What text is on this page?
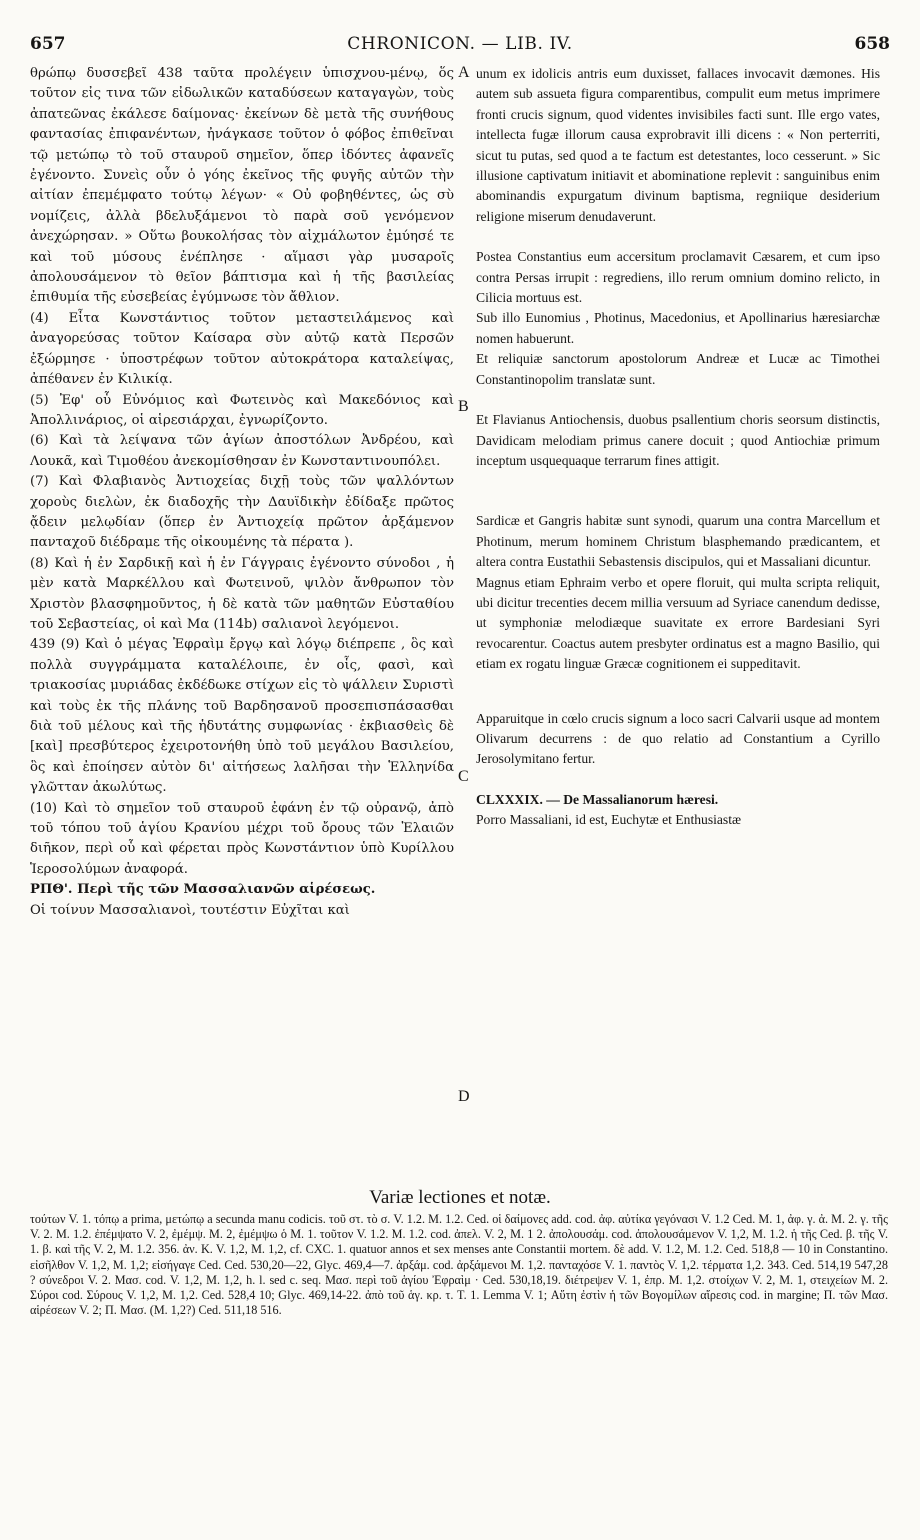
657	CHRONICON. — LIB. IV.	658
θρώπῳ δυσσεβεῖ 438 ταῦτα προλέγειν ὑπισχνου-μένῳ, ὅς τοῦτον εἰς τινα τῶν εἰδωλικῶν καταδύσεων καταγαγὼν, τοὺς ἀπατεῶνας ἐκάλεσε δαίμονας· ἐκείνων δὲ μετὰ τῆς συνήθους φαντασίας ἐπιφανέντων, ἠνάγκασε τοῦτον ὁ φόβος ἐπιθεῖναι τῷ μετώπῳ τὸ τοῦ σταυροῦ σημεῖον, ὅπερ ἰδόντες ἀφανεῖς ἐγένοντο. Συνεὶς οὖν ὁ γόης ἐκεῖνος τῆς φυγῆς αὐτῶν τὴν αἰτίαν ἐπεμέμφατο τούτῳ λέγων· « Οὐ φοβηθέντες, ὡς σὺ νομίζεις, ἀλλὰ βδελυξάμενοι τὸ παρὰ σοῦ γενόμενον ἀνεχώρησαν. » Οὕτω βουκολήσας τὸν αἰχμάλωτον ἐμύησέ τε καὶ τοῦ μύσους ἐνέπλησε · αἵμασι γὰρ μυσαροῖς ἀπολουσάμενον τὸ θεῖον βάπτισμα καὶ ἡ τῆς βασιλείας ἐπιθυμία τῆς εὐσεβείας ἐγύμνωσε τὸν ἄθλιον.
(4) Εἶτα Κωνστάντιος τοῦτον μεταστειλάμενος καὶ ἀναγορεύσας τοῦτον Καίσαρα σὺν αὐτῷ κατὰ Περσῶν ἐξώρμησε · ὑποστρέφων τοῦτον αὐτοκράτορα καταλείψας, ἀπέθανεν ἐν Κιλικίᾳ.
(5) Ἐφ' οὗ Εὐνόμιος καὶ Φωτεινὸς καὶ Μακεδόνιος καὶ Ἀπολλινάριος, οἱ αἱρεσιάρχαι, ἐγνωρίζοντο.
(6) Καὶ τὰ λείψανα τῶν ἁγίων ἀποστόλων Ἀνδρέου, καὶ Λουκᾶ, καὶ Τιμοθέου ἀνεκομίσθησαν ἐν Κωνσταντινουπόλει.
(7) Καὶ Φλαβιανὸς Ἀντιοχείας διχῇ τοὺς τῶν ψαλλόντων χοροὺς διελὼν, ἐκ διαδοχῆς τὴν Δαυϊδικὴν ἐδίδαξε πρῶτος ᾄδειν μελῳδίαν (ὅπερ ἐν Ἀντιοχείᾳ πρῶτον ἀρξάμενον πανταχοῦ διέδραμε τῆς οἰκουμένης τὰ πέρατα ).
(8) Καὶ ἡ ἐν Σαρδικῇ καὶ ἡ ἐν Γάγγραις ἐγένοντο σύνοδοι , ἡ μὲν κατὰ Μαρκέλλου καὶ Φωτεινοῦ, ψιλὸν ἄνθρωπον τὸν Χριστὸν βλασφημοῦντος, ἡ δὲ κατὰ τῶν μαθητῶν Εὐσταθίου τοῦ Σεβαστείας, οἱ καὶ Μα (114b) σαλιανοὶ λεγόμενοι.
439 (9) Καὶ ὁ μέγας Ἐφραὶμ ἔργῳ καὶ λόγῳ διέπρεπε , ὃς καὶ πολλὰ συγγράμματα καταλέλοιπε, ἐν οἷς, φασὶ, καὶ τριακοσίας μυριάδας ἐκδέδωκε στίχων εἰς τὸ ψάλλειν Συριστὶ καὶ τοὺς ἐκ τῆς πλάνης τοῦ Βαρδησανοῦ προσεπισπάσασθαι διὰ τοῦ μέλους καὶ τῆς ἡδυτάτης συμφωνίας · ἐκβιασθεὶς δὲ [καὶ] πρεσβύτερος ἐχειροτονήθη ὑπὸ τοῦ μεγάλου Βασιλείου, ὃς καὶ ἐποίησεν αὐτὸν δι' αἰτήσεως λαλῆσαι τὴν Ἑλληνίδα γλῶτταν ἀκωλύτως.
(10) Καὶ τὸ σημεῖον τοῦ σταυροῦ ἐφάνη ἐν τῷ οὐρανῷ, ἀπὸ τοῦ τόπου τοῦ ἁγίου Κρανίου μέχρι τοῦ ὄρους τῶν Ἐλαιῶν διῆκον, περὶ οὗ καὶ φέρεται πρὸς Κωνστάντιον ὑπὸ Κυρίλλου Ἱεροσολύμων ἀναφορά.
ΡΠΘ'. Περὶ τῆς τῶν Μασσαλιανῶν αἱρέσεως.
Οἱ τοίνυν Μασσαλιανοὶ, τουτέστιν Εὐχῖται καὶ
unum ex idolicis antris eum duxisset, fallaces invocavit dæmones. His autem sub assueta figura comparentibus, compulit eum metus imprimere fronti crucis signum, quod videntes invisibiles facti sunt. Ille ergo vates, intellecta fugæ illorum causa exprobravit illi dicens : « Non perterriti, sicut tu putas, sed quod a te factum est detestantes, loco cesserunt. » Sic illusione captivatum initiavit et abominatione replevit : sanguinibus enim abominandis expurgatum divinum baptisma, regniique desiderium religione miserum denudaverunt.
Postea Constantius eum accersitum proclamavit Cæsarem, et cum ipso contra Persas irrupit : regrediens, illo rerum omnium domino relicto, in Cilicia mortuus est.
Sub illo Eunomius , Photinus, Macedonius, et Apollinarius hæresiarchæ nomen habuerunt.
Et reliquiæ sanctorum apostolorum Andreæ et Lucæ ac Timothei Constantinopolim translatæ sunt.
Et Flavianus Antiochensis, duobus psallentium choris seorsum distinctis, Davidicam melodiam primus canere docuit ; quod Antiochiæ primum inceptum usquequaque terrarum fines attigit.
Sardicæ et Gangris habitæ sunt synodi, quarum una contra Marcellum et Photinum, merum hominem Christum blasphemando prædicantem, et altera contra Eustathii Sebastensis discipulos, qui et Massaliani dicuntur.
Magnus etiam Ephraim verbo et opere floruit, qui multa scripta reliquit, ubi dicitur trecenties decem millia versuum ad Syriace canendum dedisse, ut symphoniæ melodiæque suavitate ex errore Bardesiani Syri revocarentur. Coactus autem presbyter ordinatus est a magno Basilio, qui etiam ex rogatu linguæ Græcæ cognitionem ei suppeditavit.
Apparuitque in cœlo crucis signum a loco sacri Calvarii usque ad montem Olivarum decurrens : de quo relatio ad Constantium a Cyrillo Jerosolymitano fertur.
CLXXXIX. — De Massalianorum hæresi.
Porro Massaliani, id est, Euchytæ et Enthusiastæ
A
B
C
D
Variæ lectiones et notæ.
τούτων V. 1. τόπῳ a prima, μετώπῳ a secunda manu codicis. τοῦ στ. τὸ σ. V. 1.2. M. 1.2. Ced. οἱ δαίμονες add. cod. ἀφ. αὐτίκα γεγόνασι V. 1.2 Ced. M. 1, ἀφ. γ. ἀ. M. 2. γ. τῆς V. 2. M. 1.2. ἐπέμψατο V. 2, ἐμέμψ. M. 2, ἐμέμψω ὁ M. 1. τοῦτον V. 1.2. M. 1.2. cod. ἀπελ. V. 2, M. 1 2. ἀπολουσάμ. cod. ἀπολουσάμενον V. 1,2, M. 1.2. ἡ τῆς Ced. β. τῆς V. 1. β. καὶ τῆς V. 2, M. 1.2. 356. ἀν. K. V. 1,2, M. 1,2, cf. CXC. 1. quatuor annos et sex menses ante Constantii mortem. δὲ add. V. 1.2, M. 1.2. Ced. 518,8 — 10 in Constantino. εἰσῆλθον V. 1,2, M. 1,2; εἰσήγαγε Ced. Ced. 530,20—22, Glyc. 469,4—7. ἀρξάμ. cod. ἀρξάμενοι M. 1,2. πανταχόσε V. 1. παντὸς V. 1,2. τέρματα 1,2. 343. Ced. 514,19 547,28 ? σύνεδροι V. 2. Μασ. cod. V. 1,2, M. 1,2, h. l. sed c. seq. Μασ. περὶ τοῦ ἁγίου Ἐφραὶμ · Ced. 530,18,19. διέτρεψεν V. 1, ἐπρ. M. 1,2. στοίχων V. 2, M. 1, στειχείων M. 2. Σύροι cod. Σύρους V. 1,2, M. 1,2. Ced. 528,4 10; Glyc. 469,14-22. ἀπὸ τοῦ ἁγ. κρ. τ. T. 1. Lemma V. 1; Αὕτη ἐστὶν ἡ τῶν Βογομίλων αἵρεσις cod. in margine; Π. τῶν Μασ. αἱρέσεων V. 2; Π. Μασ. (M. 1,2?) Ced. 511,18 516.
